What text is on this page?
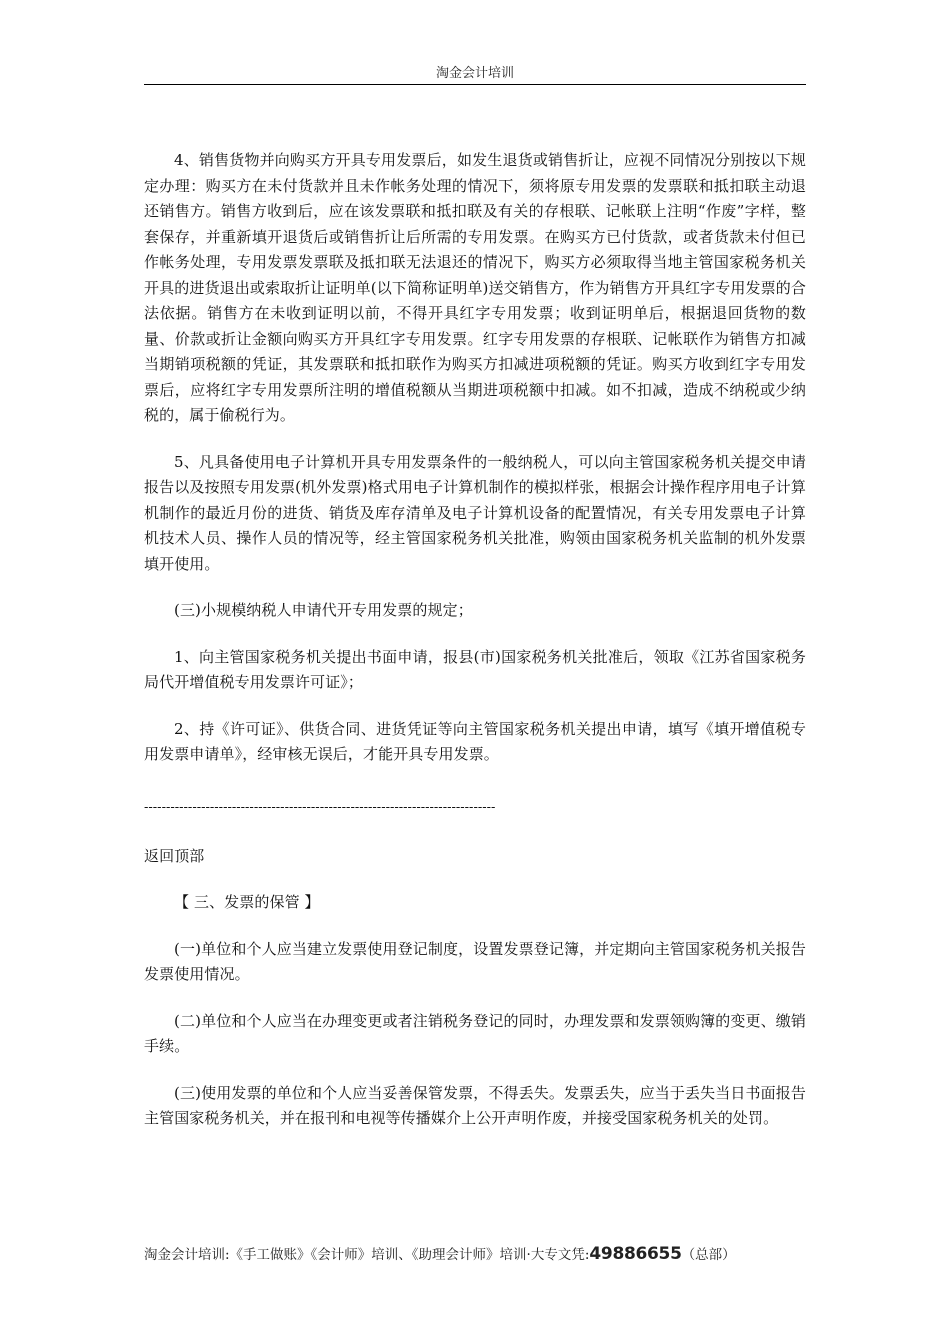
淘金会计培训

4、销售货物并向购买方开具专用发票后，如发生退货或销售折让，应视不同情况分别按以下规定办理：购买方在未付货款并且未作帐务处理的情况下，须将原专用发票的发票联和抵扣联主动退还销售方。销售方收到后，应在该发票联和抵扣联及有关的存根联、记帐联上注明“作废”字样，整套保存，并重新填开退货后或销售折让后所需的专用发票。在购买方已付货款，或者货款未付但已作帐务处理，专用发票发票联及抵扣联无法退还的情况下，购买方必须取得当地主管国家税务机关开具的进货退出或索取折让证明单(以下简称证明单)送交销售方，作为销售方开具红字专用发票的合法依据。销售方在未收到证明以前，不得开具红字专用发票；收到证明单后，根据退回货物的数量、价款或折让金额向购买方开具红字专用发票。红字专用发票的存根联、记帐联作为销售方扣减当期销项税额的凭证，其发票联和抵扣联作为购买方扣减进项税额的凭证。购买方收到红字专用发票后，应将红字专用发票所注明的增值税额从当期进项税额中扣减。如不扣减，造成不纳税或少纳税的，属于偷税行为。

5、凡具备使用电子计算机开具专用发票条件的一般纳税人，可以向主管国家税务机关提交申请报告以及按照专用发票(机外发票)格式用电子计算机制作的模拟样张，根据会计操作程序用电子计算机制作的最近月份的进货、销货及库存清单及电子计算机设备的配置情况，有关专用发票电子计算机技术人员、操作人员的情况等，经主管国家税务机关批准，购领由国家税务机关监制的机外发票填开使用。

(三)小规模纳税人申请代开专用发票的规定；

1、向主管国家税务机关提出书面申请，报县(市)国家税务机关批准后，领取《江苏省国家税务局代开增值税专用发票许可证》；

2、持《许可证》、供货合同、进货凭证等向主管国家税务机关提出申请，填写《填开增值税专用发票申请单》，经审核无误后，才能开具专用发票。

--------------------------------------------------------------------------------

返回顶部

【 三、发票的保管 】

(一)单位和个人应当建立发票使用登记制度，设置发票登记簿，并定期向主管国家税务机关报告发票使用情况。

(二)单位和个人应当在办理变更或者注销税务登记的同时，办理发票和发票领购簿的变更、缴销手续。

(三)使用发票的单位和个人应当妥善保管发票，不得丢失。发票丢失，应当于丢失当日书面报告主管国家税务机关，并在报刊和电视等传播媒介上公开声明作废，并接受国家税务机关的处罚。

淘金会计培训:《手工做账》《会计师》培训、《助理会计师》培训·大专文凭:49886655（总部）
